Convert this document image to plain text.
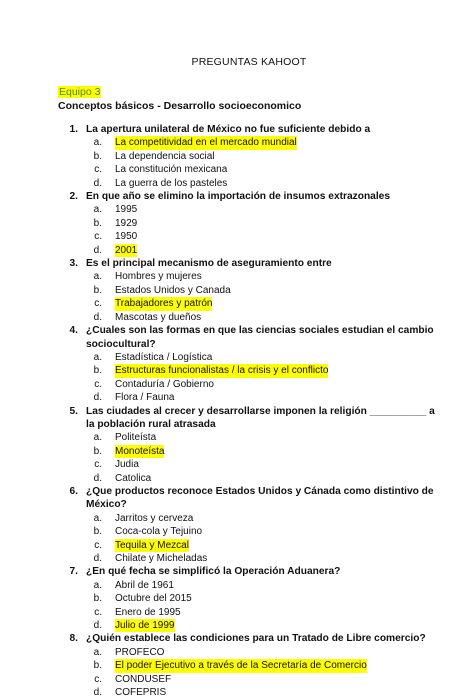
PREGUNTAS KAHOOT
Equipo 3
Conceptos básicos - Desarrollo socioeconomico
1. La apertura unilateral de México no fue suficiente debido a
a.	La competitividad en el mercado mundial
b.	La dependencia social
c.	La constitución mexicana
d.	La guerra de los pasteles
2. En que año se elimino la importación de insumos extrazonales
a.	1995
b.	1929
c.	1950
d.	2001
3. Es el principal mecanismo de aseguramiento entre
a.	Hombres y mujeres
b.	Estados Unidos y Canada
c.	Trabajadores y patrón
d.	Mascotas y dueños
4. ¿Cuales son las formas en que las ciencias sociales estudian el cambio sociocultural?
a.	Estadística / Logística
b.	Estructuras funcionalistas / la crisis y el conflicto
c.	Contaduría / Gobierno
d.	Flora / Fauna
5. Las ciudades al crecer y desarrollarse imponen la religión __________ a la población rural atrasada
a.	Politeísta
b.	Monoteísta
c.	Judia
d.	Catolica
6. ¿Que productos reconoce Estados Unidos y Cánada como distintivo de México?
a.	Jarritos y cerveza
b.	Coca-cola y Tejuino
c.	Tequila y Mezcal
d.	Chilate y Micheladas
7. ¿En qué fecha se simplificó la Operación Aduanera?
a.	Abril de 1961
b.	Octubre del 2015
c.	Enero de 1995
d.	Julio de 1999
8. ¿Quién establece las condiciones para un Tratado de Libre comercio?
a.	PROFECO
b.	El poder Ejecutivo a través de la Secretaría de Comercio
c.	CONDUSEF
d.	COFEPRIS
